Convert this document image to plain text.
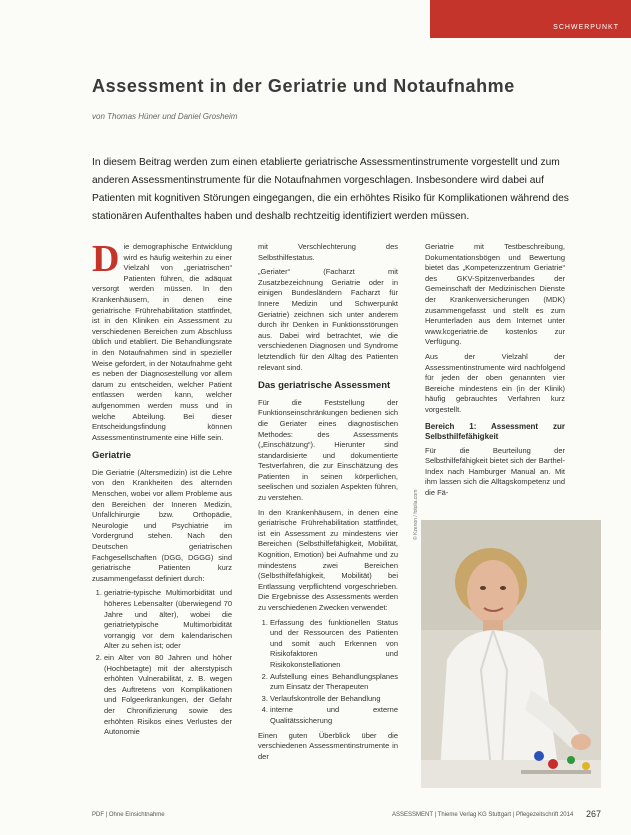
SCHWERPUNKT
Assessment in der Geriatrie und Notaufnahme
von Thomas Hüner und Daniel Grosheim
In diesem Beitrag werden zum einen etablierte geriatrische Assessmentinstrumente vorgestellt und zum anderen Assessmentinstrumente für die Notaufnahmen vorgeschlagen. Insbesondere wird dabei auf Patienten mit kognitiven Störungen eingegangen, die ein erhöhtes Risiko für Komplikationen während des stationären Aufenthaltes haben und deshalb rechtzeitig identifiziert werden müssen.

Die demographische Entwicklung wird es häufig weiterhin zu einer Vielzahl von „geriatrischen“ Patienten führen, die adäquat versorgt werden müssen. In den Krankenhäusern, in denen eine geriatrische Frührehabilitation stattfindet, ist in den Kliniken ein Assessment zu verschiedenen Bereichen zum Abschluss üblich und etabliert. Die Behandlungsrate in den Notaufnahmen sind in spezieller Weise gefordert, in der Notaufnahme geht es neben der Diagnosestellung vor allem darum zu entscheiden, welcher Patient entlassen werden kann, welcher aufgenommen werden muss und in welche Abteilung. Bei dieser Entscheidungsfindung können Assessmentinstrumente eine Hilfe sein.

Geriatrie

Die Geriatrie (Altersmedizin) ist die Lehre von den Krankheiten des alternden Menschen, wobei vor allem Probleme aus den Bereichen der Inneren Medizin, Unfallchirurgie bzw. Orthopädie, Neurologie und Psychiatrie im Vordergrund stehen. Nach den Deutschen geriatrischen Fachgesellschaften (DGG, DGGG) sind geriatrische Patienten kurz zusammengefasst definiert durch:

1. geriatrie-typische Multimorbidität und höheres Lebensalter (überwiegend 70 Jahre und älter), wobei die geriatrietypische Multimorbidität vorrangig vor dem kalendarischen Alter zu sehen ist; oder
2. ein Alter von 80 Jahren und höher (Hochbetagte) mit der alterstypisch erhöhten Vulnerabilität, z. B. wegen des Auftretens von Komplikationen und Folgeerkrankungen, der Gefahr der Chronifizierung sowie des erhöhten Risikos eines Verlustes der Autonomie

mit Verschlechterung des Selbsthilfestatus.

„Geriater“ (Facharzt mit Zusatzbezeichnung Geriatrie oder in einigen Bundesländern Facharzt für Innere Medizin und Schwerpunkt Geriatrie) zeichnen sich unter anderem durch ihr Denken in Funktionsstörungen aus. Dabei wird betrachtet, wie die verschiedenen Diagnosen und Syndrome letztendlich für den Alltag des Patienten relevant sind.

Das geriatrische Assessment

Für die Feststellung der Funktionseinschränkungen bedienen sich die Geriater eines diagnostischen Methodes: des Assessments („Einschätzung“). Hierunter sind standardisierte und dokumentierte Testverfahren, die zur Einschätzung des Patienten in seinen körperlichen, seelischen und sozialen Aspekten führen, zu verstehen.

In den Krankenhäusern, in denen eine geriatrische Frührehabilitation stattfindet, ist ein Assessment zu mindestens vier Bereichen (Selbsthilfefähigkeit, Mobilität, Kognition, Emotion) bei Aufnahme und zu mindestens zwei Bereichen (Selbsthilfefähigkeit, Mobilität) bei Entlassung verpflichtend vorgeschrieben. Die Ergebnisse des Assessments werden zu verschiedenen Zwecken verwendet:

1. Erfassung des funktionellen Status und der Ressourcen des Patienten und somit auch Erkennen von Risikofaktoren und Risikokonstellationen
2. Aufstellung eines Behandlungsplanes zum Einsatz der Therapeuten
3. Verlaufskontrolle der Behandlung
4. interne und externe Qualitätssicherung

Einen guten Überblick über die verschiedenen Assessmentinstrumente in der

Geriatrie mit Testbeschreibung, Dokumentationsbögen und Bewertung bietet das „Kompetenzzentrum Geriatrie“ des GKV-Spitzenverbandes der Gemeinschaft der Medizinischen Dienste der Krankenversicherungen (MDK) zusammengefasst und stellt es zum Herunterladen aus dem Internet unter www.kcgeriatrie.de kostenlos zur Verfügung.

Aus der Vielzahl der Assessmentinstrumente wird nachfolgend für jeden der oben genannten vier Bereiche mindestens ein (in der Klinik) häufig gebrauchtes Verfahren kurz vorgestellt.

Bereich 1: Assessment zur Selbsthilfefähigkeit

Für die Beurteilung der Selbsthilfefähigkeit bietet sich der Barthel-Index nach Hamburger Manual an. Mit ihm lassen sich die Alltagskompetenz und die Fä-

© Kzenon / fotolia.com
PDF | Ohne Einsichtnahme	ASSESSMENT | Thieme Verlag KG Stuttgart | Pflegezeitschrift 2014 267
